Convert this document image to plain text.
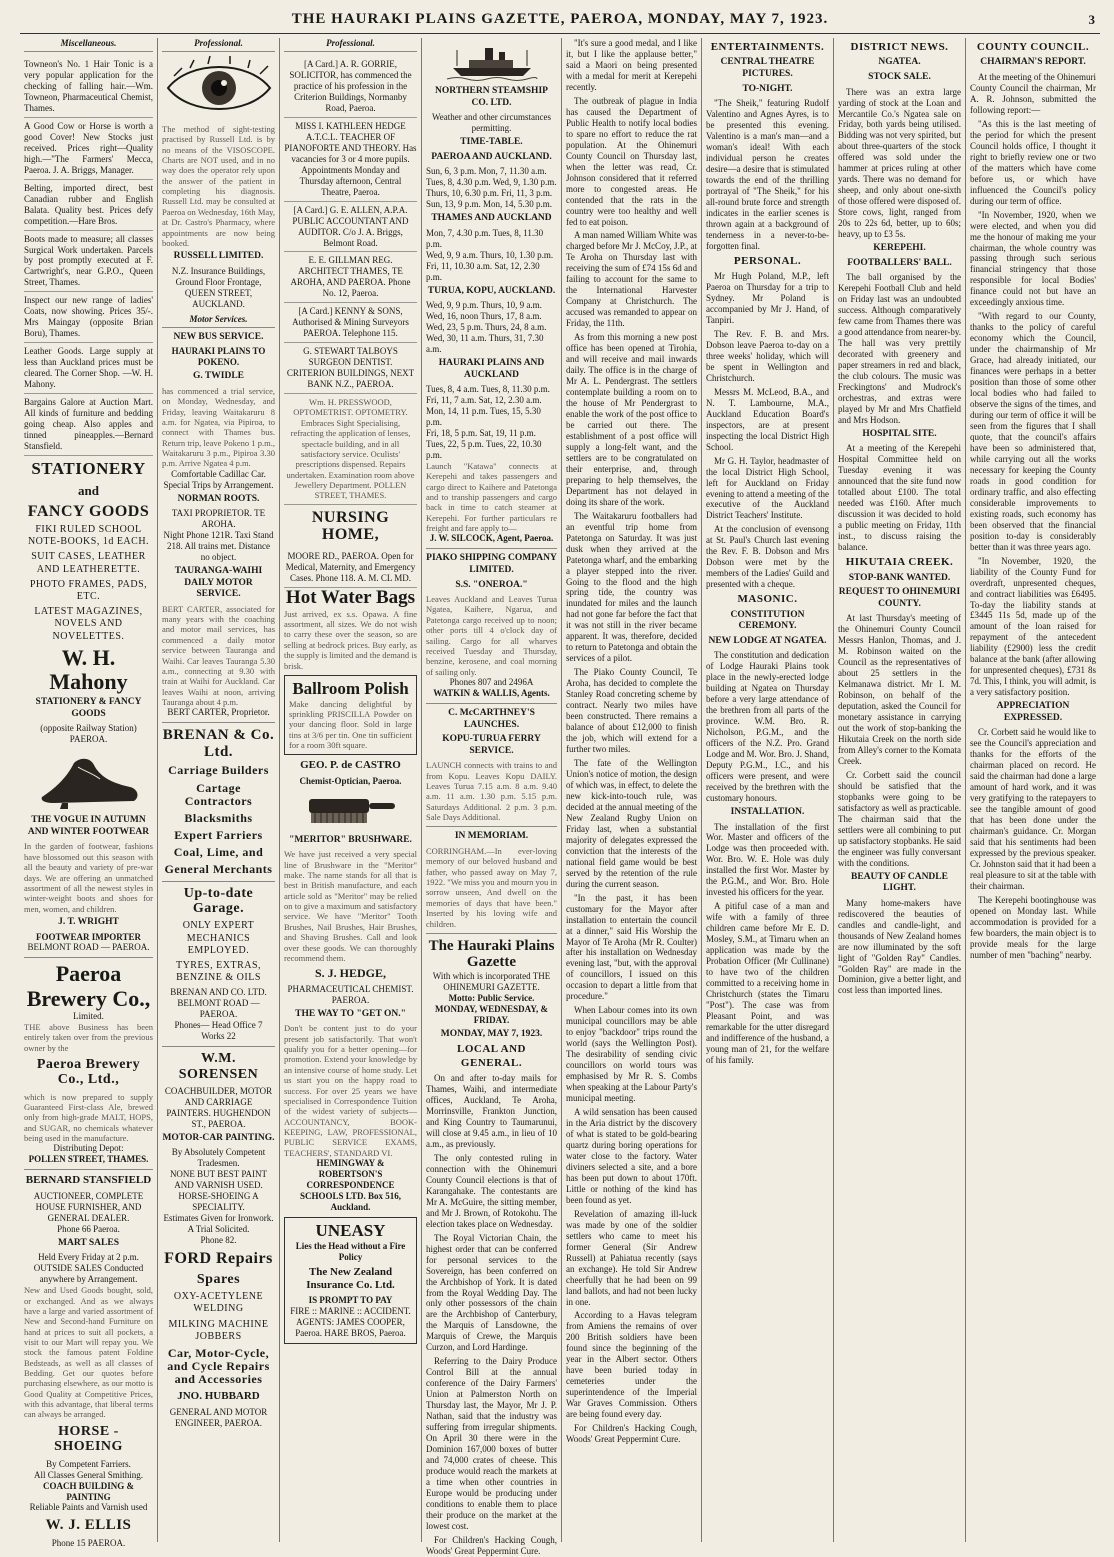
THE HAURAKI PLAINS GAZETTE, PAEROA, MONDAY, MAY 7, 1923.	3
Miscellaneous.
Towneon's No. 1 Hair Tonic is a very popular application for the checking of falling hair.—Wm. Towneon, Pharmaceutical Chemist, Thames.
A Good Cow or Horse is worth a good Cover! New Stocks just received. Prices right—Quality high.—"The Farmers' Mecca, Paeroa. J. A. Briggs, Manager.
Belting, imported direct, best Canadian rubber and English Balata. Quality best. Prices defy competition.—Hare Bros.
Boots made to measure; all classes Surgical Work undertaken. Parcels by post promptly executed at F. Cartwright's, near G.P.O., Queen Street, Thames.
Inspect our new range of ladies' Coats, now showing. Prices 35/-. Mrs Maingay (opposite Brian Boru), Thames.
Leather Goods. Large supply at less than Auckland prices must be cleared. The Corner Shop. —W. H. Mahony.
Bargains Galore at Auction Mart. All kinds of furniture and bedding going cheap. Also apples and tinned pineapples.—Bernard Stansfield.
STATIONERY
and
FANCY GOODS
FIKI RULED SCHOOL NOTE-BOOKS, 1d EACH.
SUIT CASES, LEATHER AND LEATHERETTE.
PHOTO FRAMES, PADS, ETC.
LATEST MAGAZINES, NOVELS AND NOVELETTES.
W. H. Mahony
STATIONERY & FANCY GOODS
(opposite Railway Station) PAEROA.
THE VOGUE IN AUTUMN AND WINTER FOOTWEAR
In the garden of footwear, fashions have blossomed out this season with all the beauty and variety of pre-war days. We are offering an unmatched assortment of all the newest styles in winter-weight boots and shoes for men, women, and children.
J. T. WRIGHT
FOOTWEAR IMPORTER
BELMONT ROAD — PAEROA.
Paeroa
Brewery Co.,
Limited.
THE above Business has been entirely taken over from the previous owner by the
Paeroa Brewery Co., Ltd.,
which is now prepared to supply Guaranteed First-class Ale, brewed only from high-grade MALT, HOPS, and SUGAR, no chemicals whatever being used in the manufacture.
Distributing Depot:
POLLEN STREET, THAMES.
BERNARD STANSFIELD
AUCTIONEER, COMPLETE HOUSE FURNISHER, AND GENERAL DEALER.
Phone 66 Paeroa.
MART SALES
Held Every Friday at 2 p.m. OUTSIDE SALES Conducted anywhere by Arrangement.
New and Used Goods bought, sold, or exchanged. And as we always have a large and varied assortment of New and Second-hand Furniture on hand at prices to suit all pockets, a visit to our Mart will repay you. We stock the famous patent Foldine Bedsteads, as well as all classes of Bedding. Get our quotes before purchasing elsewhere, as our motto is Good Quality at Competitive Prices, with this advantage, that liberal terms can always be arranged.
HORSE - SHOEING
By Competent Farriers.
All Classes General Smithing.
COACH BUILDING & PAINTING
Reliable Paints and Varnish used
W. J. ELLIS
Phone 15 PAEROA.
Professional.
The method of sight-testing practised by Russell Ltd. is by no means of the VISOSCOPE. Charts are NOT used, and in no way does the operator rely upon the answer of the patient in completing his diagnosis. Russell Ltd. may be consulted at Paeroa on Wednesday, 16th May, at Dr. Castro's Pharmacy, where appointments are now being booked.
RUSSELL LIMITED.
N.Z. Insurance Buildings, Ground Floor Frontage, QUEEN STREET, AUCKLAND.
Motor Services.
NEW BUS SERVICE.
HAURAKI PLAINS TO POKENO.
G. TWIDLE
has commenced a trial service, on Monday, Wednesday, and Friday, leaving Waitakaruru 8 a.m. for Ngatea, via Pipiroa, to connect with Thames bus. Return trip, leave Pokeno 1 p.m., Waitakaruru 3 p.m., Pipiroa 3.30 p.m. Arrive Ngatea 4 p.m.
Comfortable Cadillac Car. Special Trips by Arrangement.
NORMAN ROOTS.
TAXI PROPRIETOR. TE AROHA.
Night Phone 121R. Taxi Stand 218. All trains met. Distance no object.
TAURANGA-WAIHI DAILY MOTOR SERVICE.
BERT CARTER, associated for many years with the coaching and motor mail services, has commenced a daily motor service between Tauranga and Waihi. Car leaves Tauranga 5.30 a.m., connecting at 9.30 with train at Waihi for Auckland. Car leaves Waihi at noon, arriving Tauranga about 4 p.m.
BERT CARTER, Proprietor.
BRENAN & Co. Ltd.
Carriage Builders
Cartage Contractors
Blacksmiths
Expert Farriers
Coal, Lime, and
General Merchants
Up-to-date Garage.
ONLY EXPERT MECHANICS EMPLOYED.
TYRES, EXTRAS, BENZINE & OILS
BRENAN AND CO. LTD. BELMONT ROAD — PAEROA.
Phones— Head Office 7 Works 22
W.M. SORENSEN
COACHBUILDER, MOTOR AND CARRIAGE PAINTERS. HUGHENDON ST., PAEROA.
MOTOR-CAR PAINTING.
By Absolutely Competent Tradesmen.
NONE BUT BEST PAINT AND VARNISH USED.
HORSE-SHOEING A SPECIALITY.
Estimates Given for Ironwork. A Trial Solicited.
Phone 82.
FORD Repairs
Spares
OXY-ACETYLENE WELDING
MILKING MACHINE JOBBERS
Car, Motor-Cycle, and Cycle Repairs and Accessories
JNO. HUBBARD
GENERAL AND MOTOR ENGINEER, PAEROA.
Professional.
[A Card.] A. R. GORRIE, SOLICITOR, has commenced the practice of his profession in the Criterion Buildings, Normanby Road, Paeroa.
MISS I. KATHLEEN HEDGE A.T.C.L. TEACHER OF PIANOFORTE AND THEORY. Has vacancies for 3 or 4 more pupils. Appointments Monday and Thursday afternoon, Central Theatre, Paeroa.
[A Card.] G. E. ALLEN, A.P.A. PUBLIC ACCOUNTANT AND AUDITOR. C/o J. A. Briggs, Belmont Road.
E. E. GILLMAN REG. ARCHITECT THAMES, TE AROHA, AND PAEROA. Phone No. 12, Paeroa.
[A Card.] KENNY & SONS, Authorised & Mining Surveyors PAEROA. Telephone 115.
G. STEWART TALBOYS SURGEON DENTIST. CRITERION BUILDINGS, NEXT BANK N.Z., PAEROA.
Wm. H. PRESSWOOD, OPTOMETRIST. OPTOMETRY. Embraces Sight Specialising, refracting the application of lenses, spectacle building, and in all satisfactory service. Oculists' prescriptions dispensed. Repairs undertaken. Examination room above Jewellery Department. POLLEN STREET, THAMES.
NURSING HOME,
MOORE RD., PAEROA. Open for Medical, Maternity, and Emergency Cases. Phone 118. A. M. CL MD.
Hot Water Bags
Just arrived, ex s.s. Opawa. A fine assortment, all sizes. We do not wish to carry these over the season, so are selling at bedrock prices. Buy early, as the supply is limited and the demand is brisk.
Ballroom Polish
Make dancing delightful by sprinkling PRISCILLA Powder on your dancing floor. Sold in large tins at 3/6 per tin. One tin sufficient for a room 30ft square.
GEO. P. de CASTRO
Chemist-Optician, Paeroa.
"MERITOR" BRUSHWARE.
We have just received a very special line of Brushware in the "Meritor" make. The name stands for all that is best in British manufacture, and each article sold as "Meritor" may be relied on to give a maximum and satisfactory service. We have "Meritor" Tooth Brushes, Nail Brushes, Hair Brushes, and Shaving Brushes. Call and look over these goods. We can thoroughly recommend them.
S. J. HEDGE,
PHARMACEUTICAL CHEMIST. PAEROA.
THE WAY TO "GET ON."
Don't be content just to do your present job satisfactorily. That won't qualify you for a better opening—for promotion. Extend your knowledge by an intensive course of home study. Let us start you on the happy road to success. For over 25 years we have specialised in Correspondence Tuition of the widest variety of subjects— ACCOUNTANCY, BOOK-KEEPING, LAW, PROFESSIONAL, PUBLIC SERVICE EXAMS, TEACHERS', STANDARD VI.
HEMINGWAY & ROBERTSON'S CORRESPONDENCE SCHOOLS LTD. Box 516, Auckland.
UNEASY
Lies the Head without a Fire Policy
The New Zealand Insurance Co. Ltd.
IS PROMPT TO PAY
FIRE :: MARINE :: ACCIDENT. AGENTS: JAMES COOPER, Paeroa. HARE BROS, Paeroa.
NORTHERN STEAMSHIP CO. LTD.
Weather and other circumstances permitting.
TIME-TABLE.
PAEROA AND AUCKLAND.
Sun, 6, 3 p.m. Mon, 7, 11.30 a.m.
Tues, 8, 4.30 p.m. Wed, 9, 1.30 p.m.
Thurs, 10, 6.30 p.m. Fri, 11, 3 p.m.
Sun, 13, 9 p.m. Mon, 14, 5.30 p.m.
THAMES AND AUCKLAND
Mon, 7, 4.30 p.m. Tues, 8, 11.30 p.m.
Wed, 9, 9 a.m. Thurs, 10, 1.30 p.m.
Fri, 11, 10.30 a.m. Sat, 12, 2.30 p.m.
TURUA, KOPU, AUCKLAND.
Wed, 9, 9 p.m. Thurs, 10, 9 a.m.
Wed, 16, noon Thurs, 17, 8 a.m.
Wed, 23, 5 p.m. Thurs, 24, 8 a.m.
Wed, 30, 11 a.m. Thurs, 31, 7.30 a.m.
HAURAKI PLAINS AND AUCKLAND
Tues, 8, 4 a.m. Tues, 8, 11.30 p.m.
Fri, 11, 7 a.m. Sat, 12, 2.30 a.m.
Mon, 14, 11 p.m. Tues, 15, 5.30 p.m.
Fri, 18, 5 p.m. Sat, 19, 11 p.m.
Tues, 22, 5 p.m. Tues, 22, 10.30 p.m.
Launch "Katawa" connects at Kerepehi and takes passengers and cargo direct to Kaihere and Patetonga and to tranship passengers and cargo back in time to catch steamer at Kerepehi. For further particulars re freight and fare apply to—
J. W. SILCOCK, Agent, Paeroa.
PIAKO SHIPPING COMPANY LIMITED.
S.S. "ONEROA."
Leaves Auckland and Leaves Turua Ngatea, Kaihere, Ngarua, and Patetonga cargo received up to noon; other ports till 4 o'clock day of sailing. Cargo for all wharves received Tuesday and Thursday, benzine, kerosene, and coal morning of sailing only.
Phones 807 and 2496A
WATKIN & WALLIS, Agents.
C. McCARTHNEY'S LAUNCHES.
KOPU-TURUA FERRY SERVICE.
LAUNCH connects with trains to and from Kopu. Leaves Kopu DAILY. Leaves Turua 7.15 a.m. 8 a.m. 9.40 a.m. 11 a.m. 1.30 p.m. 5.15 p.m. Saturdays Additional. 2 p.m. 3 p.m. Sale Days Additional.
IN MEMORIAM.
CORRINGHAM.—In ever-loving memory of our beloved husband and father, who passed away on May 7, 1922. "We miss you and mourn you in sorrow unseen, And dwell on the memories of days that have been." Inserted by his loving wife and children.
The Hauraki Plains Gazette
With which is incorporated THE OHINEMURI GAZETTE.
Motto: Public Service.
MONDAY, WEDNESDAY, & FRIDAY.
MONDAY, MAY 7, 1923.
LOCAL AND GENERAL.

On and after to-day mails for Thames, Waihi, and intermediate offices, Auckland, Te Aroha, Morrinsville, Frankton Junction, and King Country to Taumarunui, will close at 9.45 a.m., in lieu of 10 a.m., as previously.

The only contested ruling in connection with the Ohinemuri County Council elections is that of Karangahake. The contestants are Mr A. McGuire, the sitting member, and Mr J. Brown, of Rotokohu. The election takes place on Wednesday.

The Royal Victorian Chain, the highest order that can be conferred for personal services to the Sovereign, has been conferred on the Archbishop of York. It is dated from the Royal Wedding Day. The only other possessors of the chain are the Archbishop of Canterbury, the Marquis of Lansdowne, the Marquis of Crewe, the Marquis Curzon, and Lord Hardinge.

Referring to the Dairy Produce Control Bill at the annual conference of the Dairy Farmers' Union at Palmerston North on Thursday last, the Mayor, Mr J. P. Nathan, said that the industry was suffering from irregular shipments. On April 30 there were in the Dominion 167,000 boxes of butter and 74,000 crates of cheese. This produce would reach the markets at a time when other countries in Europe would be producing under conditions to enable them to place their produce on the market at the lowest cost.

For Children's Hacking Cough, Woods' Great Peppermint Cure.

"It's sure a good medal, and I like it, but I like the applause better," said a Maori on being presented with a medal for merit at Kerepehi recently.

The outbreak of plague in India has caused the Department of Public Health to notify local bodies to spare no effort to reduce the rat population. At the Ohinemuri County Council on Thursday last, when the letter was read, Cr. Johnson considered that it referred more to congested areas. He contended that the rats in the country were too healthy and well fed to eat poison.

A man named William White was charged before Mr J. McCoy, J.P., at Te Aroha on Thursday last with receiving the sum of £74 15s 6d and failing to account for the same to the International Harvester Company at Christchurch. The accused was remanded to appear on Friday, the 11th.

As from this morning a new post office has been opened at Tirohia, and will receive and mail inwards daily. The office is in the charge of Mr A. L. Pendergrast. The settlers contemplate building a room on to the house of Mr Pendergrast to enable the work of the post office to be carried out there. The establishment of a post office will supply a long-felt want, and the settlers are to be congratulated on their enterprise, and, through preparing to help themselves, the Department has not delayed in doing its share of the work.

The Waitakaruru footballers had an eventful trip home from Patetonga on Saturday. It was just dusk when they arrived at the Patetonga wharf, and the embarking a player stepped into the river. Going to the flood and the high spring tide, the country was inundated for miles and the launch had not gone far before the fact that it was not still in the river became apparent. It was, therefore, decided to return to Patetonga and obtain the services of a pilot.

The Piako County Council, Te Aroha, has decided to complete the Stanley Road concreting scheme by contract. Nearly two miles have been constructed. There remains a balance of about £12,000 to finish the job, which will extend for a further two miles.

The fate of the Wellington Union's notice of motion, the design of which was, in effect, to delete the new kick-into-touch rule, was decided at the annual meeting of the New Zealand Rugby Union on Friday last, when a substantial majority of delegates expressed the conviction that the interests of the national field game would be best served by the retention of the rule during the current season.

"In the past, it has been customary for the Mayor after installation to entertain the council at a dinner," said His Worship the Mayor of Te Aroha (Mr R. Coulter) after his installation on Wednesday evening last, "but, with the approval of councillors, I issued on this occasion to depart a little from that procedure."

When Labour comes into its own municipal councillors may be able to enjoy "backdoor" trips round the world (says the Wellington Post). The desirability of sending civic councillors on world tours was emphasised by Mr R. S. Combs when speaking at the Labour Party's municipal meeting.

A wild sensation has been caused in the Aria district by the discovery of what is stated to be gold-bearing quartz during boring operations for water close to the factory. Water diviners selected a site, and a bore has been put down to about 170ft. Little or nothing of the kind has been found as yet.

Revelation of amazing ill-luck was made by one of the soldier settlers who came to meet his former General (Sir Andrew Russell) at Pahiatua recently (says an exchange). He told Sir Andrew cheerfully that he had been on 99 land ballots, and had not been lucky in one.

According to a Havas telegram from Amiens the remains of over 200 British soldiers have been found since the beginning of the year in the Albert sector. Others have been buried today in cemeteries under the superintendence of the Imperial War Graves Commission. Others are being found every day.

For Children's Hacking Cough, Woods' Great Peppermint Cure.

ENTERTAINMENTS.
CENTRAL THEATRE PICTURES.
TO-NIGHT.

"The Sheik," featuring Rudolf Valentino and Agnes Ayres, is to be presented this evening. Valentino is a man's man—and a woman's ideal! With each individual person he creates desire—a desire that is stimulated towards the end of the thrilling portrayal of "The Sheik," for his all-round brute force and strength indicates in the earlier scenes is thrown again at a background of tenderness in a never-to-be-forgotten final.

PERSONAL.

Mr Hugh Poland, M.P., left Paeroa on Thursday for a trip to Sydney. Mr Poland is accompanied by Mr J. Hand, of Tanpiri.

The Rev. F. B. and Mrs. Dobson leave Paeroa to-day on a three weeks' holiday, which will be spent in Wellington and Christchurch.

Messrs M. McLeod, B.A., and N. T. Lambourne, M.A., Auckland Education Board's inspectors, are at present inspecting the local District High School.

Mr G. H. Taylor, headmaster of the local District High School, left for Auckland on Friday evening to attend a meeting of the executive of the Auckland District Teachers' Institute.

At the conclusion of evensong at St. Paul's Church last evening the Rev. F. B. Dobson and Mrs Dobson were met by the members of the Ladies' Guild and presented with a cheque.

MASONIC.
CONSTITUTION CEREMONY.
NEW LODGE AT NGATEA.

The constitution and dedication of Lodge Hauraki Plains took place in the newly-erected lodge building at Ngatea on Thursday before a very large attendance of the brethren from all parts of the province. W.M. Bro. R. Nicholson, P.G.M., and the officers of the N.Z. Pro. Grand Lodge and M. Wor. Bro. J. Shand, Deputy P.G.M., I.C., and his officers were present, and were received by the brethren with the customary honours.

INSTALLATION.

The installation of the first Wor. Master and officers of the Lodge was then proceeded with. Wor. Bro. W. E. Hole was duly installed the first Wor. Master by the P.G.M., and Wor. Bro. Hole invested his officers for the year.

A pitiful case of a man and wife with a family of three children came before Mr E. D. Mosley, S.M., at Timaru when an application was made by the Probation Officer (Mr Cullinane) to have two of the children committed to a receiving home in Christchurch (states the Timaru "Post"). The case was from Pleasant Point, and was remarkable for the utter disregard and indifference of the husband, a young man of 21, for the welfare of his family.

DISTRICT NEWS.
NGATEA.
STOCK SALE.

There was an extra large yarding of stock at the Loan and Mercantile Co.'s Ngatea sale on Friday, both yards being utilised. Bidding was not very spirited, but about three-quarters of the stock offered was sold under the hammer at prices ruling at other yards. There was no demand for sheep, and only about one-sixth of those offered were disposed of. Store cows, light, ranged from 20s to 22s 6d, better, up to 60s; heavy, up to £3 5s.

KEREPEHI.
FOOTBALLERS' BALL.

The ball organised by the Kerepehi Football Club and held on Friday last was an undoubted success. Although comparatively few came from Thames there was a good attendance from nearer-by. The hall was very prettily decorated with greenery and paper streamers in red and black, the club colours. The music was Freckingtons' and Mudrock's orchestras, and extras were played by Mr and Mrs Chatfield and Mrs Hodson.

HOSPITAL SITE.

At a meeting of the Kerepehi Hospital Committee held on Tuesday evening it was announced that the site fund now totalled about £100. The total needed was £160. After much discussion it was decided to hold a public meeting on Friday, 11th inst., to discuss raising the balance.

HIKUTAIA CREEK.
STOP-BANK WANTED.
REQUEST TO OHINEMURI COUNTY.

At last Thursday's meeting of the Ohinemuri County Council Messrs Hanlon, Thomas, and J. M. Robinson waited on the Council as the representatives of about 25 settlers in the Kelmanawa district. Mr I. M. Robinson, on behalf of the deputation, asked the Council for monetary assistance in carrying out the work of stop-banking the Hikutaia Creek on the north side from Alley's corner to the Komata Creek.

Cr. Corbett said the council should be satisfied that the stopbanks were going to be satisfactory as well as practicable. The chairman said that the settlers were all combining to put up satisfactory stopbanks. He said the engineer was fully conversant with the conditions.

BEAUTY OF CANDLE LIGHT.

Many home-makers have rediscovered the beauties of candles and candle-light, and thousands of New Zealand homes are now illuminated by the soft light of "Golden Ray" Candles. "Golden Ray" are made in the Dominion, give a better light, and cost less than imported lines.

COUNTY COUNCIL.
CHAIRMAN'S REPORT.

At the meeting of the Ohinemuri County Council the chairman, Mr A. R. Johnson, submitted the following report:—

"As this is the last meeting of the period for which the present Council holds office, I thought it right to briefly review one or two of the matters which have come before us, or which have influenced the Council's policy during our term of office.

"In November, 1920, when we were elected, and when you did me the honour of making me your chairman, the whole country was passing through such serious financial stringency that those responsible for local Bodies' finance could not but have an exceedingly anxious time.

"With regard to our County, thanks to the policy of careful economy which the Council, under the chairmanship of Mr Grace, had already initiated, our finances were perhaps in a better position than those of some other local bodies who had failed to observe the signs of the times, and during our term of office it will be seen from the figures that I shall quote, that the council's affairs have been so administered that, while carrying out all the works necessary for keeping the County roads in good condition for ordinary traffic, and also effecting considerable improvements to existing roads, such economy has been observed that the financial position to-day is considerably better than it was three years ago.

"In November, 1920, the liability of the County Fund for overdraft, unpresented cheques, and contract liabilities was £6495. To-day the liability stands at £3445 11s 5d, made up of the amount of the loan raised for repayment of the antecedent liability (£2900) less the credit balance at the bank (after allowing for unpresented cheques), £731 8s 7d. This, I think, you will admit, is a very satisfactory position.

APPRECIATION EXPRESSED.

Cr. Corbett said he would like to see the Council's appreciation and thanks for the efforts of the chairman placed on record. He said the chairman had done a large amount of hard work, and it was very gratifying to the ratepayers to see the tangible amount of good that has been done under the chairman's guidance. Cr. Morgan said that his sentiments had been expressed by the previous speaker. Cr. Johnston said that it had been a real pleasure to sit at the table with their chairman.

The Kerepehi bootinghouse was opened on Monday last. While accommodation is provided for a few boarders, the main object is to provide meals for the large number of men "baching" nearby.
